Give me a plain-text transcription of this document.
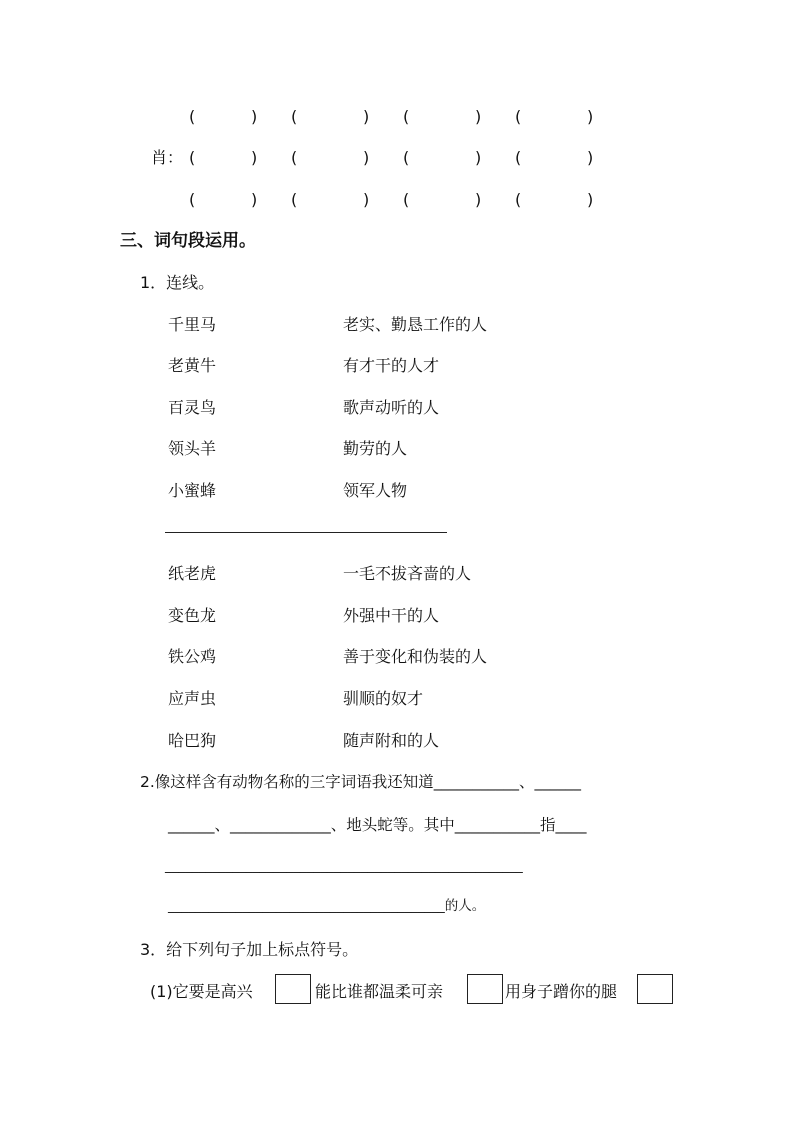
(	) (	) (	) (	)
肖： (	) (	) (	) (	)
(	) (	) (	) (	)
三、词句段运用。
1．连线。
千里马	老实、勤恳工作的人
老黄牛	有才干的人才
百灵鸟	歌声动听的人
领头羊	勤劳的人
小蜜蜂	领军人物
纸老虎	一毛不拔吝啬的人
变色龙	外强中干的人
铁公鸡	善于变化和伪装的人
应声虫	驯顺的奴才
哈巴狗	随声附和的人
2.像这样含有动物名称的三字词语我还知道___________、______
______、_____________、地头蛇等。其中___________指____
_____________________________________________________
_________________________________________的人。
3．给下列句子加上标点符号。
(1)它要是高兴	能比谁都温柔可亲	用身子蹭你的腿
